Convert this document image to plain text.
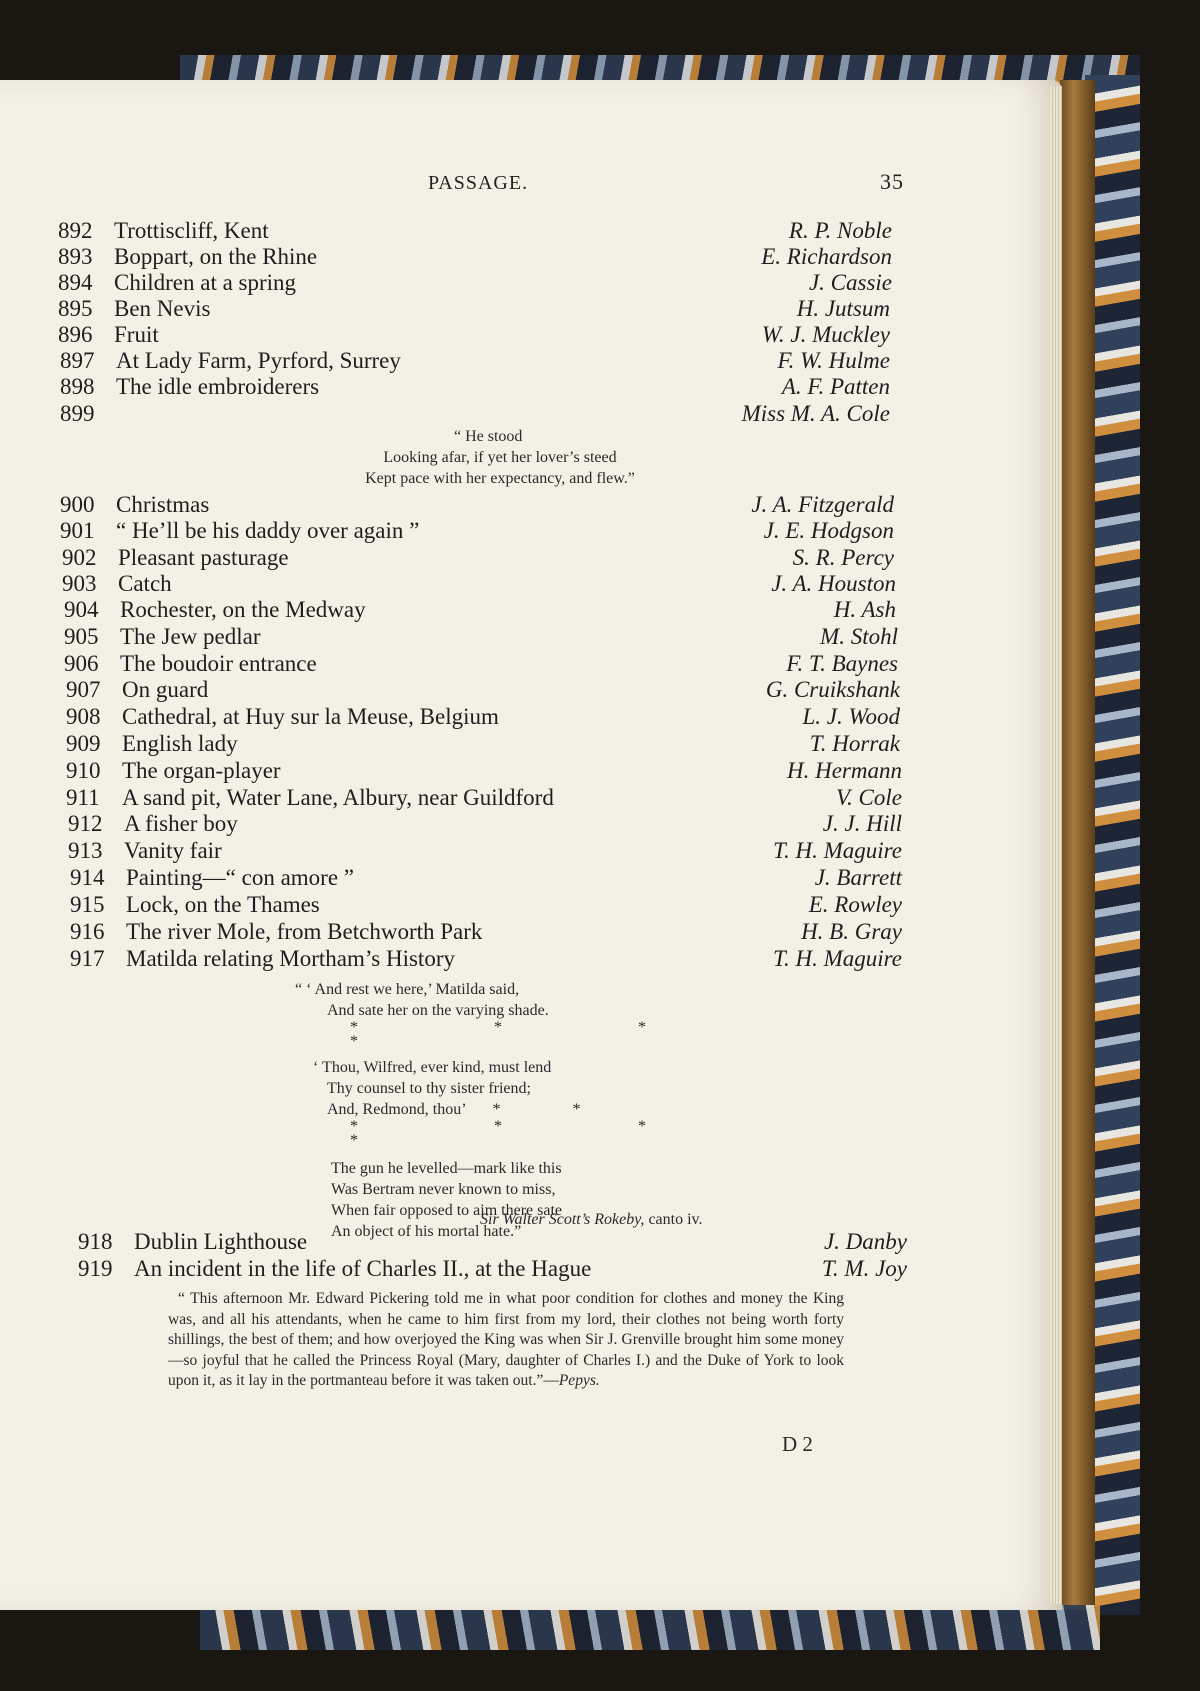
PASSAGE.	35
892 Trottiscliff, Kent	R. P. Noble
893 Boppart, on the Rhine	E. Richardson
894 Children at a spring	J. Cassie
895 Ben Nevis	H. Jutsum
896 Fruit	W. J. Muckley
897 At Lady Farm, Pyrford, Surrey	F. W. Hulme
898 The idle embroiderers	A. F. Patten
899	Miss M. A. Cole
900 Christmas	J. A. Fitzgerald
901 “ He’ll be his daddy over again ”	J. E. Hodgson
902 Pleasant pasturage	S. R. Percy
903 Catch	J. A. Houston
904 Rochester, on the Medway	H. Ash
905 The Jew pedlar	M. Stohl
906 The boudoir entrance	F. T. Baynes
907 On guard	G. Cruikshank
908 Cathedral, at Huy sur la Meuse, Belgium	L. J. Wood
909 English lady	T. Horrak
910 The organ-player	H. Hermann
911 A sand pit, Water Lane, Albury, near Guildford	V. Cole
912 A fisher boy	J. J. Hill
913 Vanity fair	T. H. Maguire
914 Painting—“ con amore ”	J. Barrett
915 Lock, on the Thames	E. Rowley
916 The river Mole, from Betchworth Park	H. B. Gray
917 Matilda relating Mortham’s History	T. H. Maguire
918 Dublin Lighthouse	J. Danby
919 An incident in the life of Charles II., at the Hague	T. M. Joy
“ He stood
Looking afar, if yet her lover’s steed
Kept pace with her expectancy, and flew.”
“ ‘ And rest we here,’ Matilda said,
And sate her on the varying shade.
* * * *
‘ Thou, Wilfred, ever kind, must lend
Thy counsel to thy sister friend;
And, Redmond, thou’ * *
* * * *
The gun he levelled—mark like this
Was Bertram never known to miss,
When fair opposed to aim there sate
An object of his mortal hate.”
Sir Walter Scott’s Rokeby, canto iv.
“ This afternoon Mr. Edward Pickering told me in what poor condition for clothes and money the King was, and all his attendants, when he came to him first from my lord, their clothes not being worth forty shillings, the best of them; and how overjoyed the King was when Sir J. Grenville brought him some money—so joyful that he called the Princess Royal (Mary, daughter of Charles I.) and the Duke of York to look upon it, as it lay in the portmanteau before it was taken out.”—Pepys.
D 2
